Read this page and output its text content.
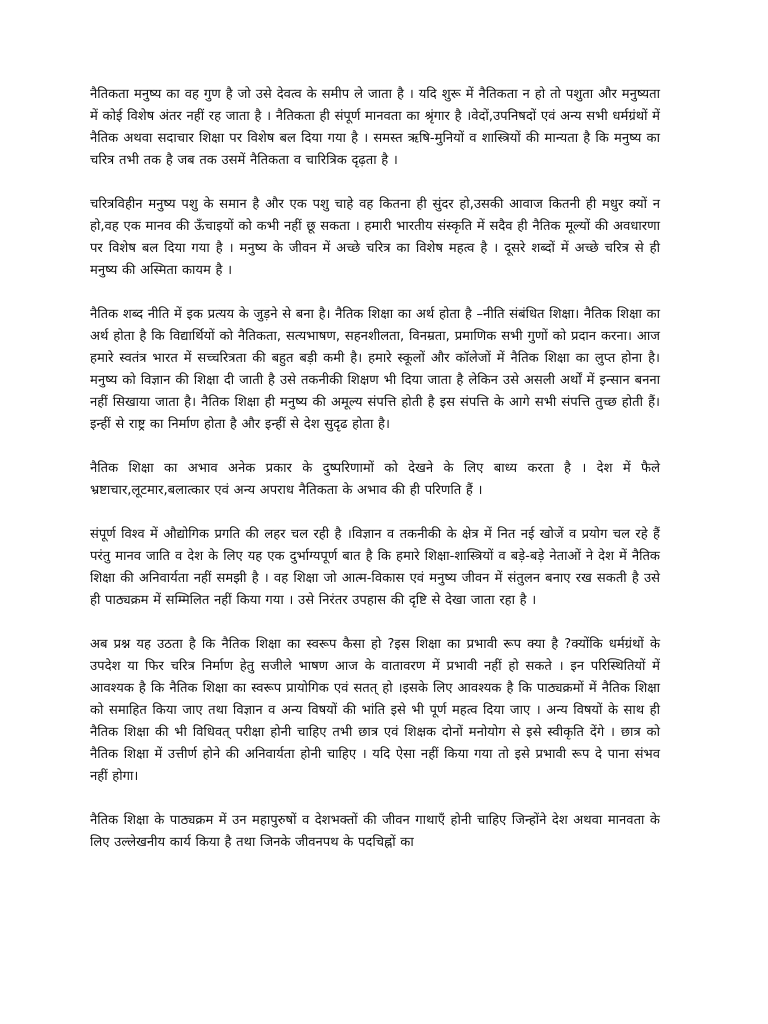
नैतिकता मनुष्य का वह गुण है जो उसे देवत्व के समीप ले जाता है । यदि शुरू में नैतिकता न हो तो पशुता और मनुष्यता में कोई विशेष अंतर नहीं रह जाता है । नैतिकता ही संपूर्ण मानवता का श्रृंगार है ।वेदों,उपनिषदों एवं अन्य सभी धर्मग्रंथों में नैतिक अथवा सदाचार शिक्षा पर विशेष बल दिया गया है । समस्त ऋषि-मुनियों व शास्त्रियों की मान्यता है कि मनुष्य का चरित्र तभी तक है जब तक उसमें नैतिकता व चारित्रिक दृढ़ता है ।

चरित्रविहीन मनुष्य पशु के समान है और एक पशु चाहे वह कितना ही सुंदर हो,उसकी आवाज कितनी ही मधुर क्यों न हो,वह एक मानव की ऊँचाइयों को कभी नहीं छू सकता । हमारी भारतीय संस्कृति में सदैव ही नैतिक मूल्यों की अवधारणा पर विशेष बल दिया गया है । मनुष्य के जीवन में अच्छे चरित्र का विशेष महत्व है । दूसरे शब्दों में अच्छे चरित्र से ही मनुष्य की अस्मिता कायम है ।

नैतिक शब्द नीति में इक प्रत्यय के जुड़ने से बना है। नैतिक शिक्षा का अर्थ होता है –नीति संबंधित शिक्षा। नैतिक शिक्षा का अर्थ होता है कि विद्यार्थियों को नैतिकता, सत्यभाषण, सहनशीलता, विनम्रता, प्रमाणिक सभी गुणों को प्रदान करना। आज हमारे स्वतंत्र भारत में सच्चरित्रता की बहुत बड़ी कमी है। हमारे स्कूलों और कॉलेजों में नैतिक शिक्षा का लुप्त होना है। मनुष्य को विज्ञान की शिक्षा दी जाती है उसे तकनीकी शिक्षण भी दिया जाता है लेकिन उसे असली अर्थों में इन्सान बनना नहीं सिखाया जाता है। नैतिक शिक्षा ही मनुष्य की अमूल्य संपत्ति होती है इस संपत्ति के आगे सभी संपत्ति तुच्छ होती हैं। इन्हीं से राष्ट्र का निर्माण होता है और इन्हीं से देश सुदृढ होता है।

नैतिक शिक्षा का अभाव अनेक प्रकार के दुष्परिणामों को देखने के लिए बाध्य करता है । देश में फैले भ्रष्टाचार,लूटमार,बलात्कार एवं अन्य अपराध नैतिकता के अभाव की ही परिणति हैं ।

संपूर्ण विश्व में औद्योगिक प्रगति की लहर चल रही है ।विज्ञान व तकनीकी के क्षेत्र में नित नई खोजें व प्रयोग चल रहे हैं परंतु मानव जाति व देश के लिए यह एक दुर्भाग्यपूर्ण बात है कि हमारे शिक्षा-शास्त्रियों व बड़े-बड़े नेताओं ने देश में नैतिक शिक्षा की अनिवार्यता नहीं समझी है । वह शिक्षा जो आत्म-विकास एवं मनुष्य जीवन में संतुलन बनाए रख सकती है उसे ही पाठ्यक्रम में सम्मिलित नहीं किया गया । उसे निरंतर उपहास की दृष्टि से देखा जाता रहा है ।

अब प्रश्न यह उठता है कि नैतिक शिक्षा का स्वरूप कैसा हो ?इस शिक्षा का प्रभावी रूप क्या है ?क्योंकि धर्मग्रंथों के उपदेश या फिर चरित्र निर्माण हेतु सजीले भाषण आज के वातावरण में प्रभावी नहीं हो सकते । इन परिस्थितियों में आवश्यक है कि नैतिक शिक्षा का स्वरूप प्रायोगिक एवं सतत् हो ।इसके लिए आवश्यक है कि पाठ्यक्रमों में नैतिक शिक्षा को समाहित किया जाए तथा विज्ञान व अन्य विषयों की भांति इसे भी पूर्ण महत्व दिया जाए । अन्य विषयों के साथ ही नैतिक शिक्षा की भी विधिवत् परीक्षा होनी चाहिए तभी छात्र एवं शिक्षक दोनों मनोयोग से इसे स्वीकृति देंगे । छात्र को नैतिक शिक्षा में उत्तीर्ण होने की अनिवार्यता होनी चाहिए । यदि ऐसा नहीं किया गया तो इसे प्रभावी रूप दे पाना संभव नहीं होगा।

नैतिक शिक्षा के पाठ्यक्रम में उन महापुरुषों व देशभक्तों की जीवन गाथाएँ होनी चाहिए जिन्होंने देश अथवा मानवता के लिए उल्लेखनीय कार्य किया है तथा जिनके जीवनपथ के पदचिह्नों का
